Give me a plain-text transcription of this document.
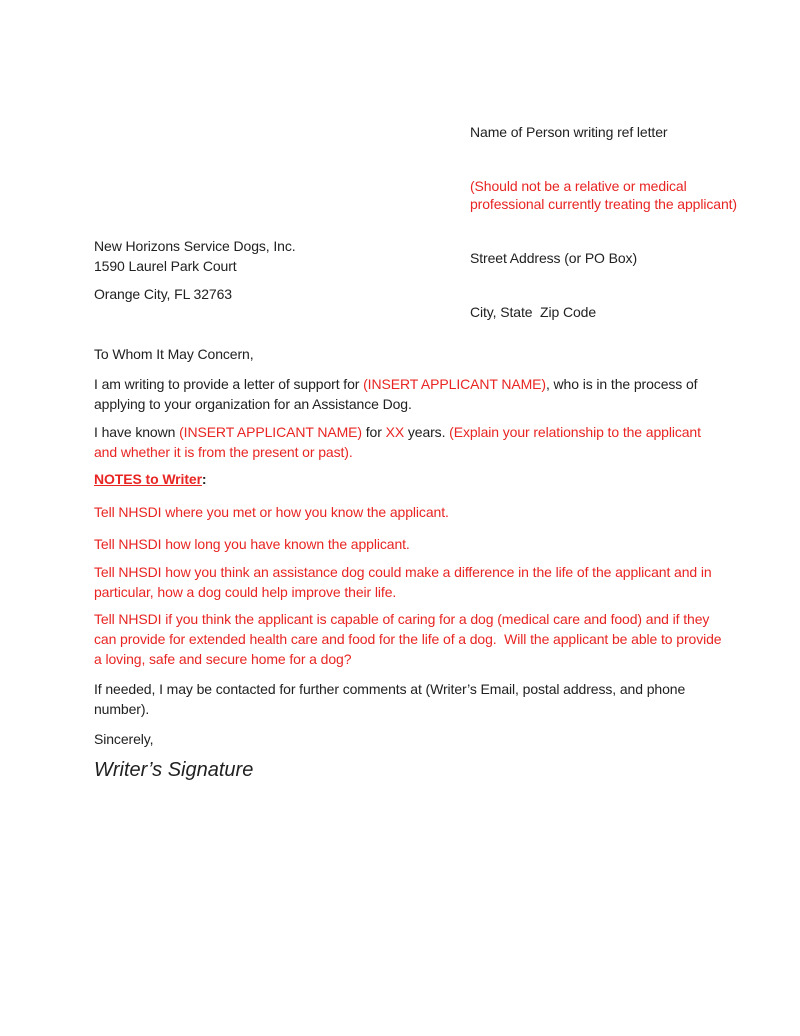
Name of Person writing ref letter

(Should not be a relative or medical professional currently treating the applicant)

Street Address (or PO Box)

City, State  Zip Code

New Horizons Service Dogs, Inc.
1590 Laurel Park Court

Orange City, FL 32763

To Whom It May Concern,

I am writing to provide a letter of support for (INSERT APPLICANT NAME), who is in the process of applying to your organization for an Assistance Dog.

I have known (INSERT APPLICANT NAME) for XX years. (Explain your relationship to the applicant and whether it is from the present or past).

NOTES to Writer:

Tell NHSDI where you met or how you know the applicant.

Tell NHSDI how long you have known the applicant.

Tell NHSDI how you think an assistance dog could make a difference in the life of the applicant and in particular, how a dog could help improve their life.

Tell NHSDI if you think the applicant is capable of caring for a dog (medical care and food) and if they can provide for extended health care and food for the life of a dog.  Will the applicant be able to provide a loving, safe and secure home for a dog?

If needed, I may be contacted for further comments at (Writer’s Email, postal address, and phone number).

Sincerely,

Writer’s Signature
